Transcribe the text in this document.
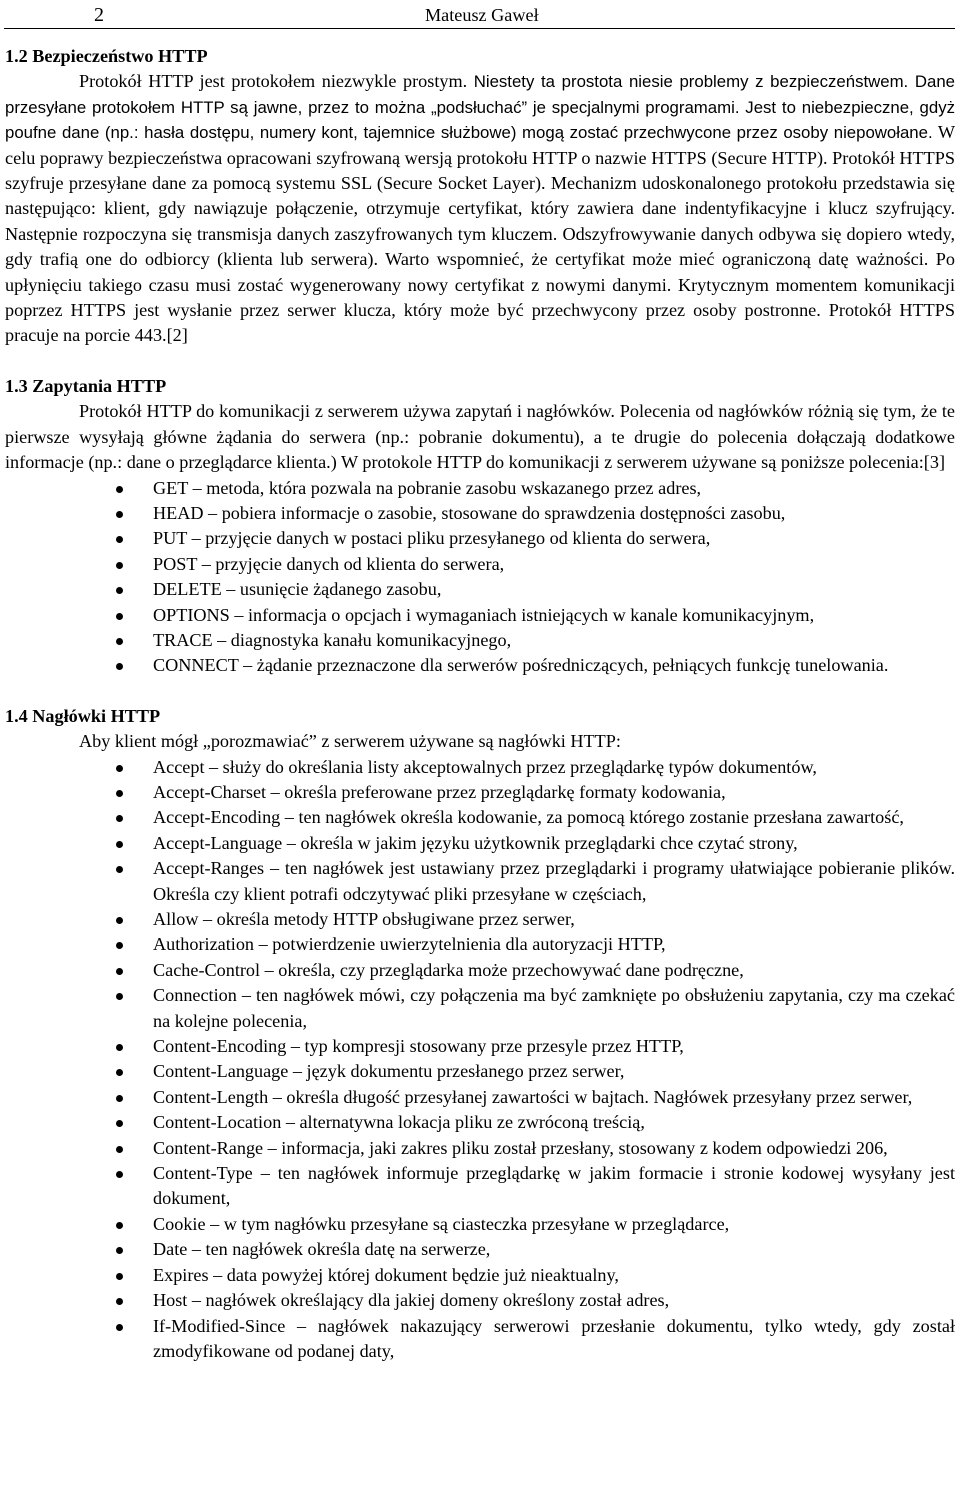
2	Mateusz Gaweł
1.2 Bezpieczeństwo HTTP

Protokół HTTP jest protokołem niezwykle prostym. Niestety ta prostota niesie problemy z bezpieczeństwem. Dane przesyłane protokołem HTTP są jawne, przez to można „podsłuchać” je specjalnymi programami. Jest to niebezpieczne, gdyż poufne dane (np.: hasła dostępu, numery kont, tajemnice służbowe) mogą zostać przechwycone przez osoby niepowołane. W celu poprawy bezpieczeństwa opracowani szyfrowaną wersją protokołu HTTP o nazwie HTTPS (Secure HTTP). Protokół HTTPS szyfruje przesyłane dane za pomocą systemu SSL (Secure Socket Layer). Mechanizm udoskonalonego protokołu przedstawia się następująco: klient, gdy nawiązuje połączenie, otrzymuje certyfikat, który zawiera dane indentyfikacyjne i klucz szyfrujący. Następnie rozpoczyna się transmisja danych zaszyfrowanych tym kluczem. Odszyfrowywanie danych odbywa się dopiero wtedy, gdy trafią one do odbiorcy (klienta lub serwera). Warto wspomnieć, że certyfikat może mieć ograniczoną datę ważności. Po upłynięciu takiego czasu musi zostać wygenerowany nowy certyfikat z nowymi danymi. Krytycznym momentem komunikacji poprzez HTTPS jest wysłanie przez serwer klucza, który może być przechwycony przez osoby postronne. Protokół HTTPS pracuje na porcie 443.[2]

1.3 Zapytania HTTP

Protokół HTTP do komunikacji z serwerem używa zapytań i nagłówków. Polecenia od nagłówków różnią się tym, że te pierwsze wysyłają główne żądania do serwera (np.: pobranie dokumentu), a te drugie do polecenia dołączają dodatkowe informacje (np.: dane o przeglądarce klienta.) W protokole HTTP do komunikacji z serwerem używane są poniższe polecenia:[3]

GET – metoda, która pozwala na pobranie zasobu wskazanego przez adres,
HEAD – pobiera informacje o zasobie, stosowane do sprawdzenia dostępności zasobu,
PUT – przyjęcie danych w postaci pliku przesyłanego od klienta do serwera,
POST – przyjęcie danych od klienta do serwera,
DELETE – usunięcie żądanego zasobu,
OPTIONS – informacja o opcjach i wymaganiach istniejących w kanale komunikacyjnym,
TRACE – diagnostyka kanału komunikacyjnego,
CONNECT – żądanie przeznaczone dla serwerów pośredniczących, pełniących funkcję tunelowania.
1.4 Nagłówki HTTP

Aby klient mógł „porozmawiać” z serwerem używane są nagłówki HTTP:

Accept – służy do określania listy akceptowalnych przez przeglądarkę typów dokumentów,
Accept-Charset – określa preferowane przez przeglądarkę formaty kodowania,
Accept-Encoding – ten nagłówek określa kodowanie, za pomocą którego zostanie przesłana zawartość,
Accept-Language – określa w jakim języku użytkownik przeglądarki chce czytać strony,
Accept-Ranges – ten nagłówek jest ustawiany przez przeglądarki i programy ułatwiające pobieranie plików. Określa czy klient potrafi odczytywać pliki przesyłane w częściach,
Allow – określa metody HTTP obsługiwane przez serwer,
Authorization – potwierdzenie uwierzytelnienia dla autoryzacji HTTP,
Cache-Control – określa, czy przeglądarka może przechowywać dane podręczne,
Connection – ten nagłówek mówi, czy połączenia ma być zamknięte po obsłużeniu zapytania, czy ma czekać na kolejne polecenia,
Content-Encoding – typ kompresji stosowany prze przesyle przez HTTP,
Content-Language – język dokumentu przesłanego przez serwer,
Content-Length – określa długość przesyłanej zawartości w bajtach. Nagłówek przesyłany przez serwer,
Content-Location – alternatywna lokacja pliku ze zwróconą treścią,
Content-Range – informacja, jaki zakres pliku został przesłany, stosowany z kodem odpowiedzi 206,
Content-Type – ten nagłówek informuje przeglądarkę w jakim formacie i stronie kodowej wysyłany jest dokument,
Cookie – w tym nagłówku przesyłane są ciasteczka przesyłane w przeglądarce,
Date – ten nagłówek określa datę na serwerze,
Expires – data powyżej której dokument będzie już nieaktualny,
Host – nagłówek określający dla jakiej domeny określony został adres,
If-Modified-Since – nagłówek nakazujący serwerowi przesłanie dokumentu, tylko wtedy, gdy został zmodyfikowane od podanej daty,
